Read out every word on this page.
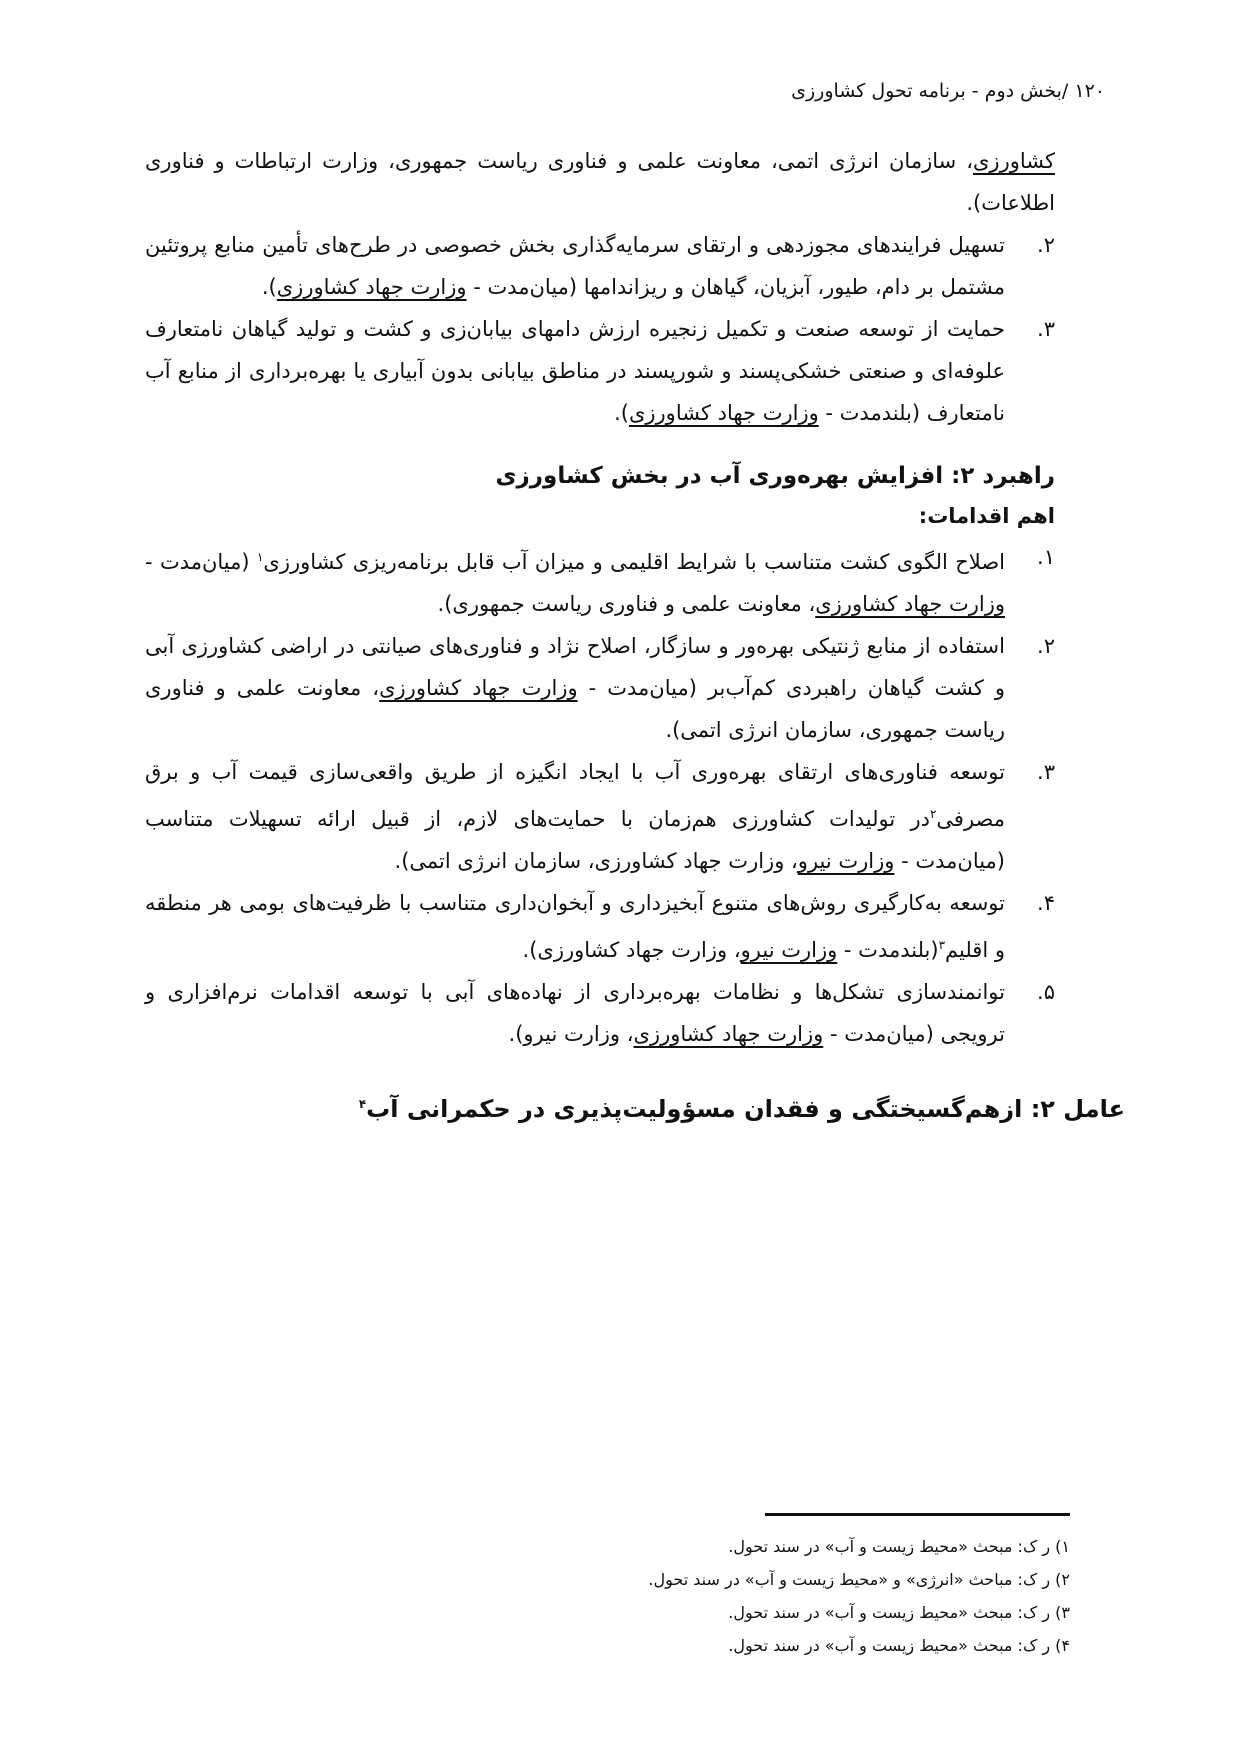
١٢٠ /بخش دوم - برنامه تحول کشاورزی
کشاورزی، سازمان انرژی اتمی، معاونت علمی و فناوری ریاست جمهوری، وزارت ارتباطات و فناوری اطلاعات).
٢.
تسهیل فرایندهای مجوزدهی و ارتقای سرمایه‌گذاری بخش خصوصی در طرح‌های تأمین منابع پروتئین مشتمل بر دام، طیور، آبزیان، گیاهان و ریزاندامها (میان‌مدت - وزارت جهاد کشاورزی).
٣.
حمایت از توسعه صنعت و تکمیل زنجیره ارزش دامهای بیابان‌زی و کشت و تولید گیاهان نامتعارف علوفه‌ای و صنعتی خشکی‌پسند و شورپسند در مناطق بیابانی بدون آبیاری یا بهره‌برداری از منابع آب نامتعارف (بلندمدت - وزارت جهاد کشاورزی).
راهبرد ٢: افزایش بهره‌وری آب در بخش کشاورزی
اهم اقدامات:
١.
اصلاح الگوی کشت متناسب با شرایط اقلیمی و میزان آب قابل برنامه‌ریزی کشاورزی$^١$ (میان‌مدت - وزارت جهاد کشاورزی، معاونت علمی و فناوری ریاست جمهوری).
٢.
استفاده از منابع ژنتیکی بهره‌ور و سازگار، اصلاح نژاد و فناوری‌های صیانتی در اراضی کشاورزی آبی و کشت گیاهان راهبردی کم‌آب‌بر (میان‌مدت - وزارت جهاد کشاورزی، معاونت علمی و فناوری ریاست جمهوری، سازمان انرژی اتمی).
٣.
توسعه فناوری‌های ارتقای بهره‌وری آب با ایجاد انگیزه از طریق واقعی‌سازی قیمت آب و برق مصرفی$^٢$در تولیدات کشاورزی هم‌زمان با حمایت‌های لازم، از قبیل ارائه تسهیلات متناسب (میان‌مدت - وزارت نیرو، وزارت جهاد کشاورزی، سازمان انرژی اتمی).
۴.
توسعه به‌کارگیری روش‌های متنوع آبخیزداری و آبخوان‌داری متناسب با ظرفیت‌های بومی هر منطقه و اقلیم$^٣$(بلندمدت - وزارت نیرو، وزارت جهاد کشاورزی).
۵.
توانمندسازی تشکل‌ها و نظامات بهره‌برداری از نهاده‌های آبی با توسعه اقدامات نرم‌افزاری و ترویجی (میان‌مدت - وزارت جهاد کشاورزی، وزارت نیرو).
عامل ٢: ازهم‌گسیختگی و فقدان مسؤولیت‌پذیری در حکمرانی آب$^۴$
١) ر ک: مبحث «محیط زیست و آب» در سند تحول.
٢) ر ک: مباحث «انرژی» و «محیط زیست و آب» در سند تحول.
٣) ر ک: مبحث «محیط زیست و آب» در سند تحول.
۴) ر ک: مبحث «محیط زیست و آب» در سند تحول.
